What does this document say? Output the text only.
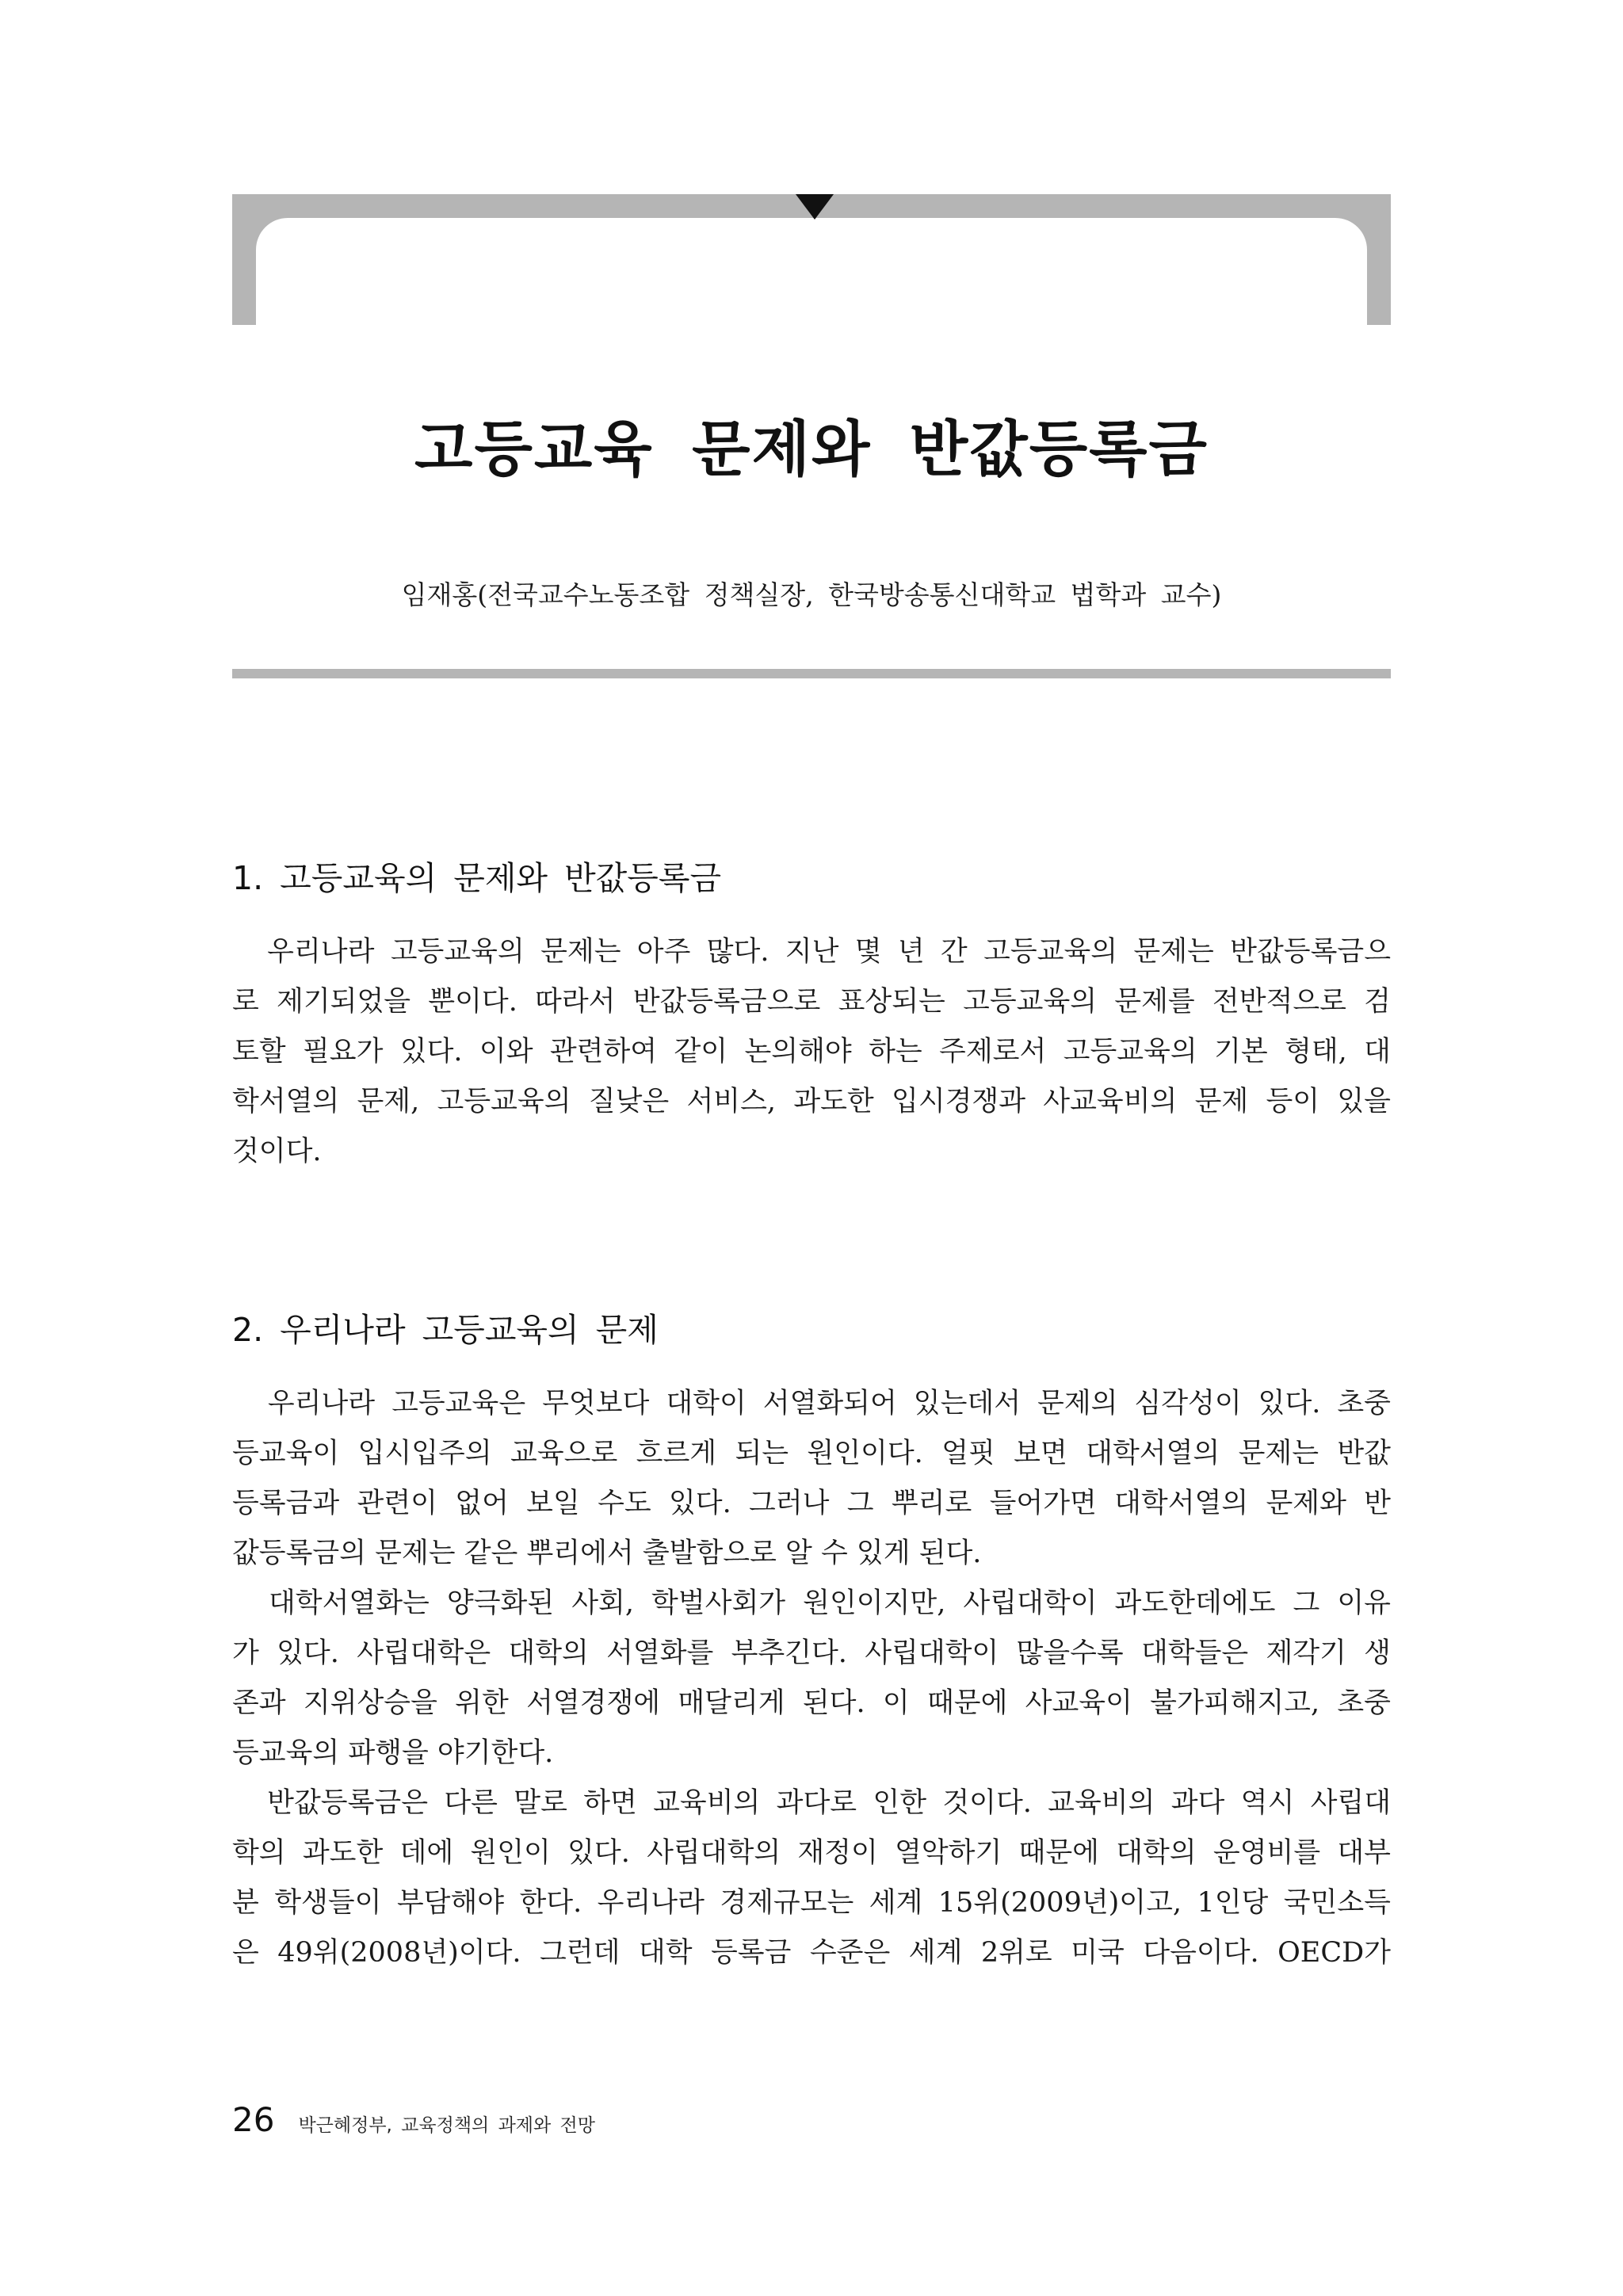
고등교육 문제와 반값등록금
임재홍(전국교수노동조합 정책실장, 한국방송통신대학교 법학과 교수)
1. 고등교육의 문제와 반값등록금
　우리나라 고등교육의 문제는 아주 많다. 지난 몇 년 간 고등교육의 문제는 반값등록금으
로 제기되었을 뿐이다. 따라서 반값등록금으로 표상되는 고등교육의 문제를 전반적으로 검
토할 필요가 있다. 이와 관련하여 같이 논의해야 하는 주제로서 고등교육의 기본 형태, 대
학서열의 문제, 고등교육의 질낮은 서비스, 과도한 입시경쟁과 사교육비의 문제 등이 있을
것이다.
2. 우리나라 고등교육의 문제
　우리나라 고등교육은 무엇보다 대학이 서열화되어 있는데서 문제의 심각성이 있다. 초중
등교육이 입시입주의 교육으로 흐르게 되는 원인이다. 얼핏 보면 대학서열의 문제는 반값
등록금과 관련이 없어 보일 수도 있다. 그러나 그 뿌리로 들어가면 대학서열의 문제와 반
값등록금의 문제는 같은 뿌리에서 출발함으로 알 수 있게 된다.
　대학서열화는 양극화된 사회, 학벌사회가 원인이지만, 사립대학이 과도한데에도 그 이유
가 있다. 사립대학은 대학의 서열화를 부추긴다. 사립대학이 많을수록 대학들은 제각기 생
존과 지위상승을 위한 서열경쟁에 매달리게 된다. 이 때문에 사교육이 불가피해지고, 초중
등교육의 파행을 야기한다.
　반값등록금은 다른 말로 하면 교육비의 과다로 인한 것이다. 교육비의 과다 역시 사립대
학의 과도한 데에 원인이 있다. 사립대학의 재정이 열악하기 때문에 대학의 운영비를 대부
분 학생들이 부담해야 한다. 우리나라 경제규모는 세계 15위(2009년)이고, 1인당 국민소득
은 49위(2008년)이다. 그런데 대학 등록금 수준은 세계 2위로 미국 다음이다. OECD가
26 박근혜정부, 교육정책의 과제와 전망
